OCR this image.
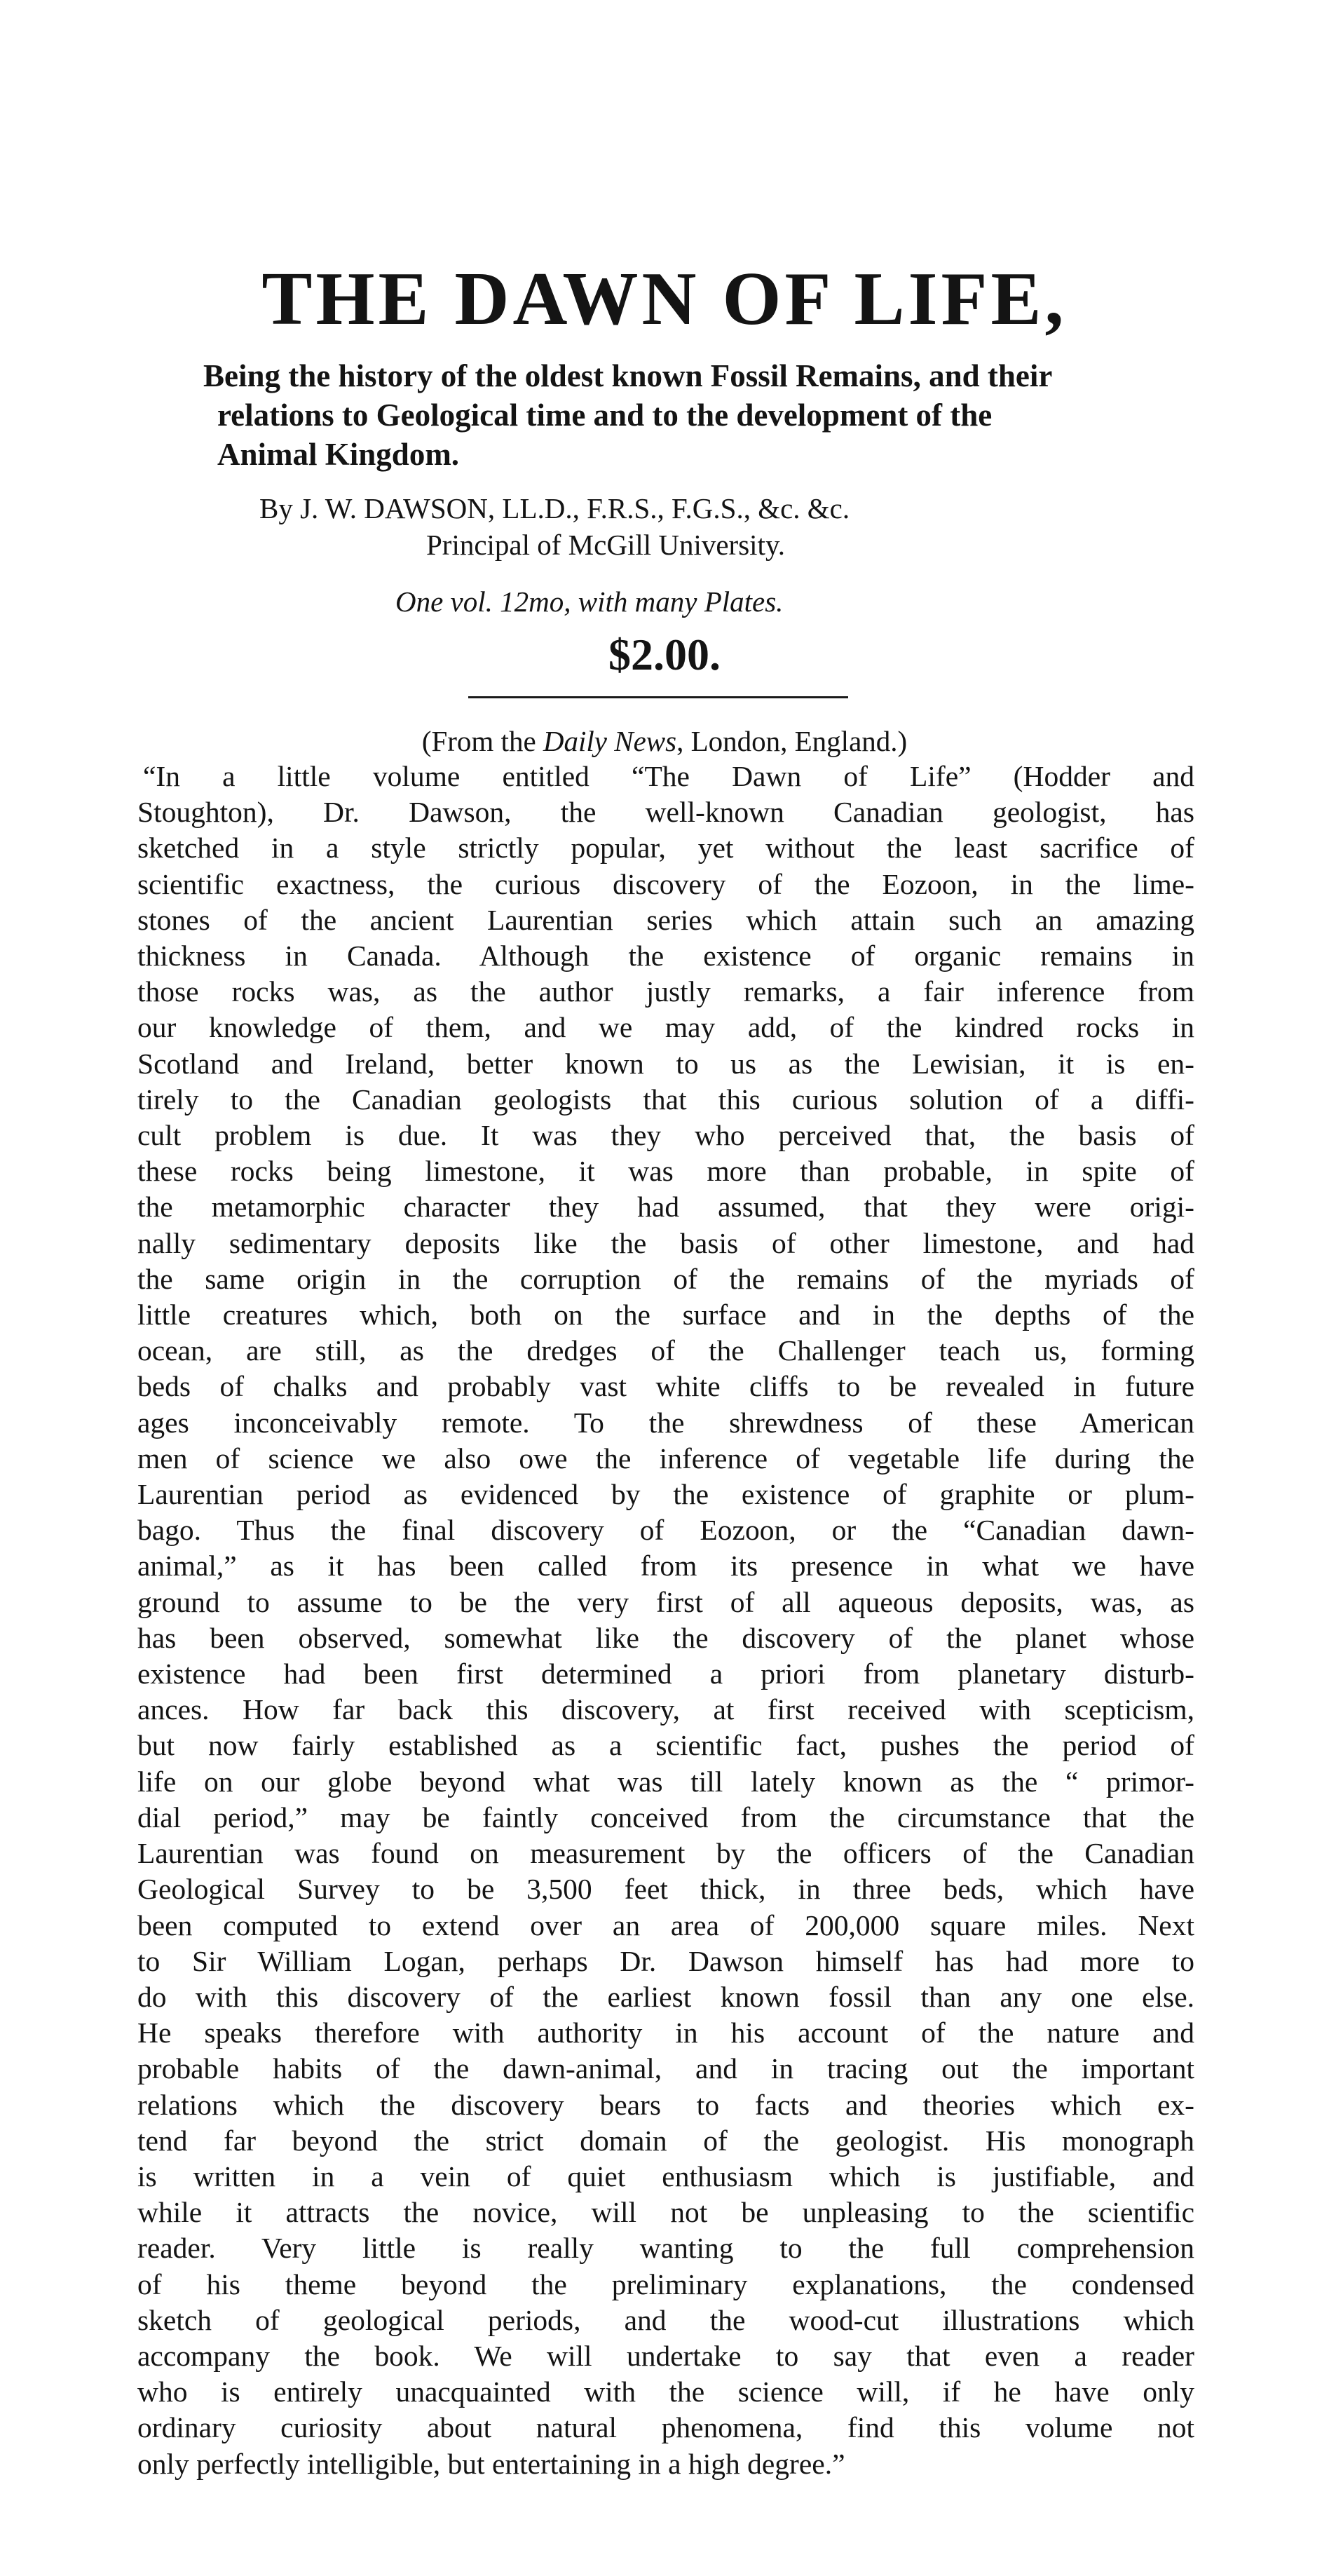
THE DAWN OF LIFE,
Being the history of the oldest known Fossil Remains, and their
relations to Geological time and to the development of the
Animal Kingdom.
By J. W. DAWSON, LL.D., F.R.S., F.G.S., &c. &c.
Principal of McGill University.
One vol. 12mo, with many Plates.
$2.00.
(From the Daily News, London, England.)
“In a little volume entitled “The Dawn of Life” (Hodder and
Stoughton), Dr. Dawson, the well-known Canadian geologist, has
sketched in a style strictly popular, yet without the least sacrifice of
scientific exactness, the curious discovery of the Eozoon, in the lime-
stones of the ancient Laurentian series which attain such an amazing
thickness in Canada. Although the existence of organic remains in
those rocks was, as the author justly remarks, a fair inference from
our knowledge of them, and we may add, of the kindred rocks in
Scotland and Ireland, better known to us as the Lewisian, it is en-
tirely to the Canadian geologists that this curious solution of a diffi-
cult problem is due. It was they who perceived that, the basis of
these rocks being limestone, it was more than probable, in spite of
the metamorphic character they had assumed, that they were origi-
nally sedimentary deposits like the basis of other limestone, and had
the same origin in the corruption of the remains of the myriads of
little creatures which, both on the surface and in the depths of the
ocean, are still, as the dredges of the Challenger teach us, forming
beds of chalks and probably vast white cliffs to be revealed in future
ages inconceivably remote. To the shrewdness of these American
men of science we also owe the inference of vegetable life during the
Laurentian period as evidenced by the existence of graphite or plum-
bago. Thus the final discovery of Eozoon, or the “Canadian dawn-
animal,” as it has been called from its presence in what we have
ground to assume to be the very first of all aqueous deposits, was, as
has been observed, somewhat like the discovery of the planet whose
existence had been first determined a priori from planetary disturb-
ances. How far back this discovery, at first received with scepticism,
but now fairly established as a scientific fact, pushes the period of
life on our globe beyond what was till lately known as the “ primor-
dial period,” may be faintly conceived from the circumstance that the
Laurentian was found on measurement by the officers of the Canadian
Geological Survey to be 3,500 feet thick, in three beds, which have
been computed to extend over an area of 200,000 square miles. Next
to Sir William Logan, perhaps Dr. Dawson himself has had more to
do with this discovery of the earliest known fossil than any one else.
He speaks therefore with authority in his account of the nature and
probable habits of the dawn-animal, and in tracing out the important
relations which the discovery bears to facts and theories which ex-
tend far beyond the strict domain of the geologist. His monograph
is written in a vein of quiet enthusiasm which is justifiable, and
while it attracts the novice, will not be unpleasing to the scientific
reader. Very little is really wanting to the full comprehension
of his theme beyond the preliminary explanations, the condensed
sketch of geological periods, and the wood-cut illustrations which
accompany the book. We will undertake to say that even a reader
who is entirely unacquainted with the science will, if he have only
ordinary curiosity about natural phenomena, find this volume not
only perfectly intelligible, but entertaining in a high degree.”
